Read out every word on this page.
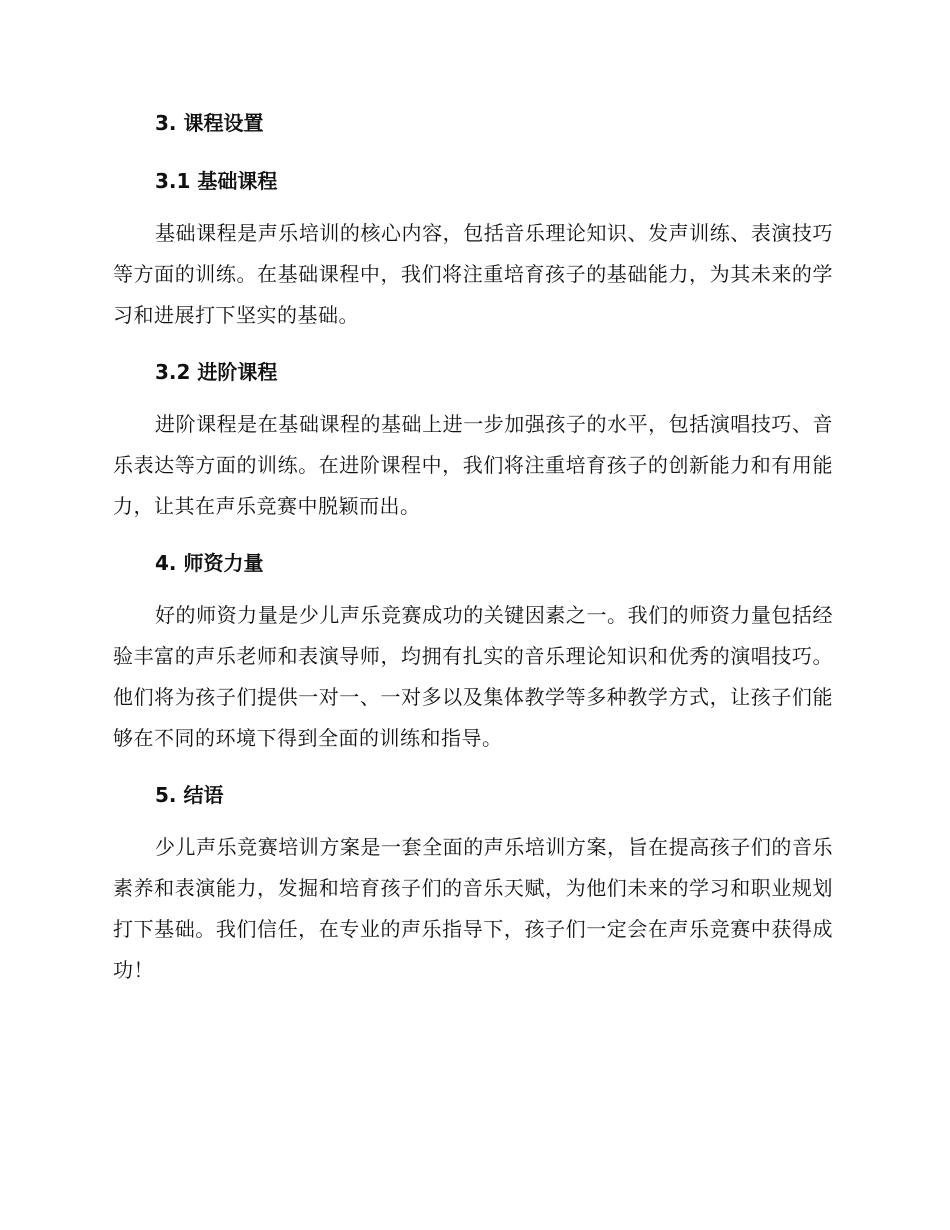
3. 课程设置
3.1 基础课程

基础课程是声乐培训的核心内容，包括音乐理论知识、发声训练、表演技巧等方面的训练。在基础课程中，我们将注重培育孩子的基础能力，为其未来的学习和进展打下坚实的基础。

3.2 进阶课程

进阶课程是在基础课程的基础上进一步加强孩子的水平，包括演唱技巧、音乐表达等方面的训练。在进阶课程中，我们将注重培育孩子的创新能力和有用能力，让其在声乐竞赛中脱颖而出。

4. 师资力量

好的师资力量是少儿声乐竞赛成功的关键因素之一。我们的师资力量包括经验丰富的声乐老师和表演导师，均拥有扎实的音乐理论知识和优秀的演唱技巧。他们将为孩子们提供一对一、一对多以及集体教学等多种教学方式，让孩子们能够在不同的环境下得到全面的训练和指导。

5. 结语

少儿声乐竞赛培训方案是一套全面的声乐培训方案，旨在提高孩子们的音乐素养和表演能力，发掘和培育孩子们的音乐天赋，为他们未来的学习和职业规划打下基础。我们信任，在专业的声乐指导下，孩子们一定会在声乐竞赛中获得成功！
